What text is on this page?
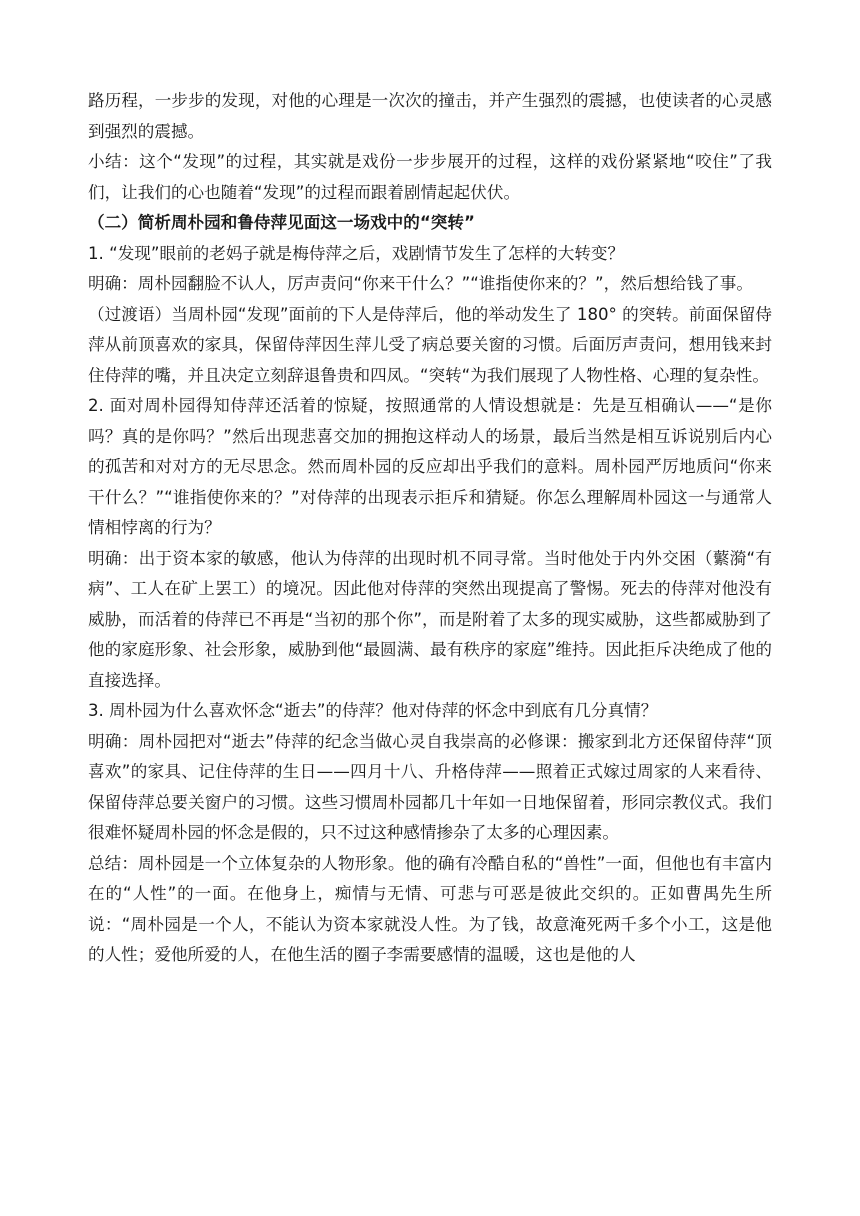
路历程，一步步的发现，对他的心理是一次次的撞击，并产生强烈的震撼，也使读者的心灵感到强烈的震撼。

小结：这个“发现”的过程，其实就是戏份一步步展开的过程，这样的戏份紧紧地“咬住”了我们，让我们的心也随着“发现”的过程而跟着剧情起起伏伏。

（二）简析周朴园和鲁侍萍见面这一场戏中的“突转”

1. “发现”眼前的老妈子就是梅侍萍之后，戏剧情节发生了怎样的大转变？

明确：周朴园翻脸不认人，厉声责问“你来干什么？”“谁指使你来的？”，然后想给钱了事。

（过渡语）当周朴园“发现”面前的下人是侍萍后，他的举动发生了 180° 的突转。前面保留侍萍从前顶喜欢的家具，保留侍萍因生萍儿受了病总要关窗的习惯。后面厉声责问，想用钱来封住侍萍的嘴，并且决定立刻辞退鲁贵和四凤。“突转“为我们展现了人物性格、心理的复杂性。

2. 面对周朴园得知侍萍还活着的惊疑，按照通常的人情设想就是：先是互相确认——“是你吗？真的是你吗？”然后出现悲喜交加的拥抱这样动人的场景，最后当然是相互诉说别后内心的孤苦和对对方的无尽思念。然而周朴园的反应却出乎我们的意料。周朴园严厉地质问“你来干什么？”“谁指使你来的？”对侍萍的出现表示拒斥和猜疑。你怎么理解周朴园这一与通常人情相悖离的行为？

明确：出于资本家的敏感，他认为侍萍的出现时机不同寻常。当时他处于内外交困（蘩漪“有病”、工人在矿上罢工）的境况。因此他对侍萍的突然出现提高了警惕。死去的侍萍对他没有威胁，而活着的侍萍已不再是“当初的那个你”，而是附着了太多的现实威胁，这些都威胁到了他的家庭形象、社会形象，威胁到他“最圆满、最有秩序的家庭”维持。因此拒斥决绝成了他的直接选择。

3. 周朴园为什么喜欢怀念“逝去”的侍萍？他对侍萍的怀念中到底有几分真情？

明确：周朴园把对“逝去”侍萍的纪念当做心灵自我崇高的必修课：搬家到北方还保留侍萍“顶喜欢”的家具、记住侍萍的生日——四月十八、升格侍萍——照着正式嫁过周家的人来看待、保留侍萍总要关窗户的习惯。这些习惯周朴园都几十年如一日地保留着，形同宗教仪式。我们很难怀疑周朴园的怀念是假的，只不过这种感情掺杂了太多的心理因素。

总结：周朴园是一个立体复杂的人物形象。他的确有冷酷自私的“兽性”一面，但他也有丰富内在的“人性”的一面。在他身上，痴情与无情、可悲与可恶是彼此交织的。正如曹禺先生所说：“周朴园是一个人，不能认为资本家就没人性。为了钱，故意淹死两千多个小工，这是他的人性；爱他所爱的人，在他生活的圈子李需要感情的温暖，这也是他的人
